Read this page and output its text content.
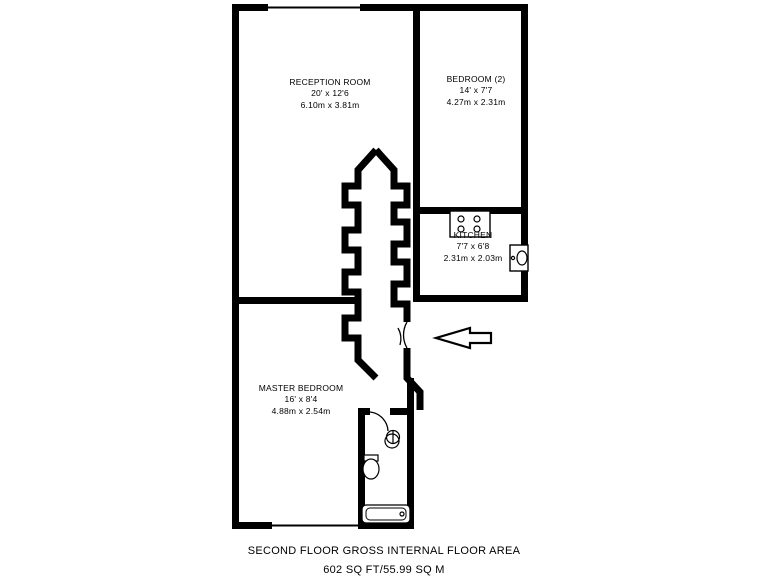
RECEPTION ROOM
20' x 12'6
6.10m x 3.81m
BEDROOM (2)
14' x 7'7
4.27m x 2.31m
KITCHEN
7'7 x 6'8
2.31m x 2.03m
MASTER BEDROOM
16' x 8'4
4.88m x 2.54m
SECOND FLOOR GROSS INTERNAL FLOOR AREA
602 SQ FT/55.99 SQ M
